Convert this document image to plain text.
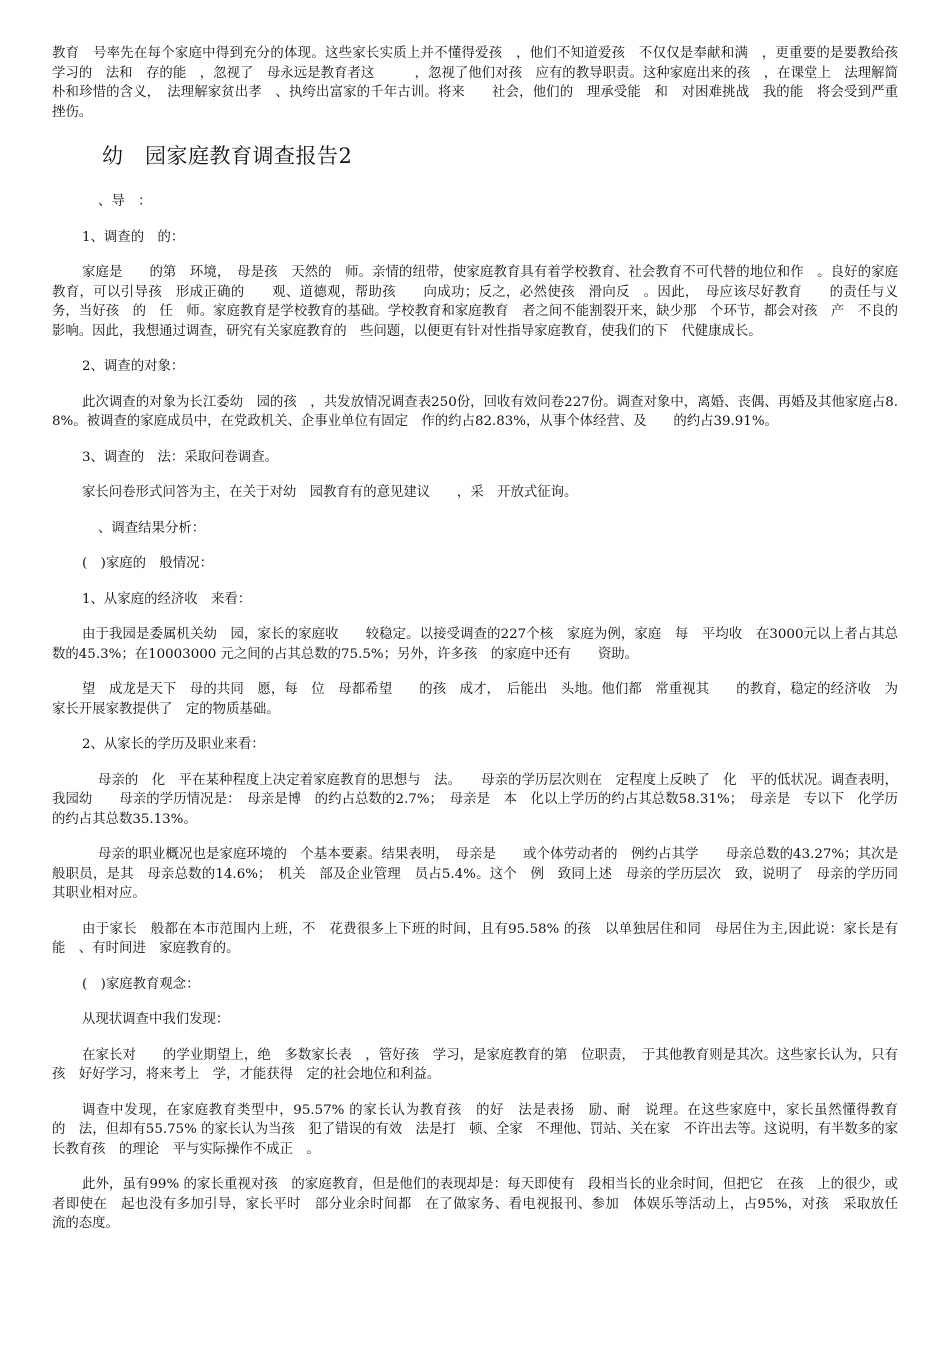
教育　号率先在每个家庭中得到充分的体现。这些家长实质上并不懂得爱孩　，他们不知道爱孩　不仅仅是奉献和满　，更重要的是要教给孩　学习的　法和　存的能　，忽视了　母永远是教育者这　　　，忽视了他们对孩　应有的教导职责。这种家庭出来的孩　，在课堂上　法理解简朴和珍惜的含义，　法理解家贫出孝　、执绔出富家的千年古训。将来　　社会，他们的　理承受能　和　对困难挑战　我的能　将会受到严重挫伤。

幼　园家庭教育调查报告2
、导　：
1、调查的　的：

家庭是　　的第　环境，　母是孩　天然的　师。亲情的纽带，使家庭教育具有着学校教育、社会教育不可代替的地位和作　。良好的家庭教育，可以引导孩　形成正确的　　观、道德观，帮助孩　　向成功；反之，必然使孩　滑向反　。因此，　母应该尽好教育　　的责任与义务，当好孩　的　任　师。家庭教育是学校教育的基础。学校教育和家庭教育　者之间不能割裂开来，缺少那　个环节，都会对孩　产　不良的影响。因此，我想通过调查，研究有关家庭教育的　些问题，以便更有针对性指导家庭教育，使我们的下　代健康成长。

2、调查的对象：

此次调查的对象为长江委幼　园的孩　，共发放情况调查表250份，回收有效问卷227份。调查对象中，离婚、丧偶、再婚及其他家庭占8.8%。被调查的家庭成员中，在党政机关、企事业单位有固定　作的约占82.83%，从事个体经营、及　　的约占39.91%。

3、调查的　法：采取问卷调查。

家长问卷形式问答为主，在关于对幼　园教育有的意见建议　　，采　开放式征询。

、调查结果分析：
(　)家庭的　般情况：
1、从家庭的经济收　来看：

由于我园是委属机关幼　园，家长的家庭收　　较稳定。以接受调查的227个核　家庭为例，家庭　每　平均收　在3000元以上者占其总数的45.3%；在10003000 元之间的占其总数的75.5%；另外，许多孩　的家庭中还有　　资助。

望　成龙是天下　母的共同　愿，每　位　母都希望　　的孩　成才，　后能出　头地。他们都　常重视其　　的教育，稳定的经济收　为家长开展家教提供了　定的物质基础。

2、从家长的学历及职业来看：

母亲的　化　平在某种程度上决定着家庭教育的思想与　法。　　母亲的学历层次则在　定程度上反映了　化　平的低状况。调查表明，我园幼　　母亲的学历情况是：　母亲是博　的约占总数的2.7%；　母亲是　本　化以上学历的约占其总数58.31%；　母亲是　专以下　化学历的约占其总数35.13%。

母亲的职业概况也是家庭环境的　个基本要素。结果表明，　母亲是　　或个体劳动者的　例约占其学　　母亲总数的43.27%；其次是　般职员，是其　母亲总数的14.6%；　机关　部及企业管理　员占5.4%。这个　例　致同上述　母亲的学历层次　致，说明了　母亲的学历同其职业相对应。

由于家长　般都在本市范围内上班，不　花费很多上下班的时间，且有95.58% 的孩　以单独居住和同　母居住为主,因此说：家长是有能　、有时间进　家庭教育的。

(　)家庭教育观念：
从现状调查中我们发现：

在家长对　　的学业期望上，绝　多数家长表　，管好孩　学习，是家庭教育的第　位职责，　于其他教育则是其次。这些家长认为，只有孩　好好学习，将来考上　学，才能获得　定的社会地位和利益。

调查中发现，在家庭教育类型中，95.57% 的家长认为教育孩　的好　法是表扬　励、耐　说理。在这些家庭中，家长虽然懂得教育　　的　法，但却有55.75% 的家长认为当孩　犯了错误的有效　法是打　顿、全家　不理他、罚站、关在家　不许出去等。这说明，有半数多的家长教育孩　的理论　平与实际操作不成正　。

此外，虽有99% 的家长重视对孩　的家庭教育，但是他们的表现却是：每天即使有　段相当长的业余时间，但把它　在孩　上的很少，或者即使在　起也没有多加引导，家长平时　部分业余时间都　在了做家务、看电视报刊、参加　体娱乐等活动上，占95%，对孩　采取放任　流的态度。
